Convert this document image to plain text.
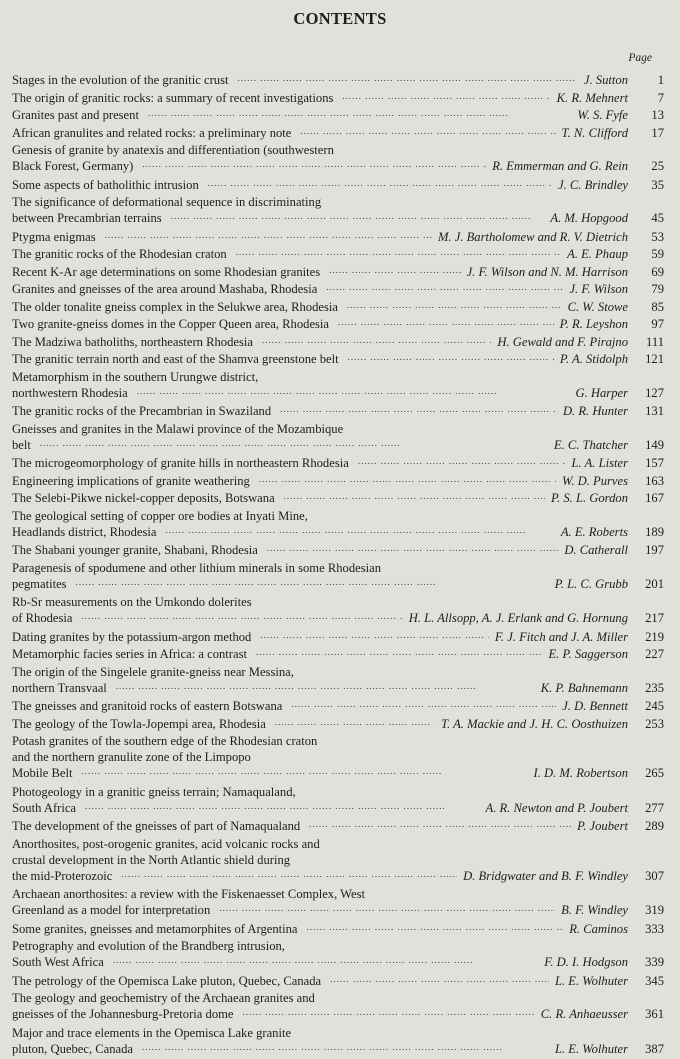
CONTENTS
Page
Stages in the evolution of the granitic crust .....	J. Sutton	1
The origin of granitic rocks: a summary of recent investigations .....	K. R. Mehnert	7
Granites past and present .....	W. S. Fyfe	13
African granulites and related rocks: a preliminary note .....	T. N. Clifford	17
Genesis of granite by anatexis and differentiation (southwestern
Black Forest, Germany) .....	R. Emmerman and G. Rein	25
Some aspects of batholithic intrusion .....	J. C. Brindley	35
The significance of deformational sequence in discriminating
between Precambrian terrains .....	A. M. Hopgood	45
Ptygma enigmas .....	M. J. Bartholomew and R. V. Dietrich	53
The granitic rocks of the Rhodesian craton .....	A. E. Phaup	59
Recent K-Ar age determinations on some Rhodesian granites .....	J. F. Wilson and N. M. Harrison	69
Granites and gneisses of the area around Mashaba, Rhodesia .....	J. F. Wilson	79
The older tonalite gneiss complex in the Selukwe area, Rhodesia .....	C. W. Stowe	85
Two granite-gneiss domes in the Copper Queen area, Rhodesia .....	P. R. Leyshon	97
The Madziwa batholiths, northeastern Rhodesia .....	H. Gewald and F. Pirajno	111
The granitic terrain north and east of the Shamva greenstone belt .....	P. A. Stidolph	121
Metamorphism in the southern Urungwe district,
northwestern Rhodesia .....	G. Harper	127
The granitic rocks of the Precambrian in Swaziland .....	D. R. Hunter	131
Gneisses and granites in the Malawi province of the Mozambique
belt .....	E. C. Thatcher	149
The microgeomorphology of granite hills in northeastern Rhodesia .....	L. A. Lister	157
Engineering implications of granite weathering .....	W. D. Purves	163
The Selebi-Pikwe nickel-copper deposits, Botswana .....	P. S. L. Gordon	167
The geological setting of copper ore bodies at Inyati Mine,
Headlands district, Rhodesia .....	A. E. Roberts	189
The Shabani younger granite, Shabani, Rhodesia .....	D. Catherall	197
Paragenesis of spodumene and other lithium minerals in some Rhodesian
pegmatites .....	P. L. C. Grubb	201
Rb-Sr measurements on the Umkondo dolerites
of Rhodesia .....	H. L. Allsopp, A. J. Erlank and G. Hornung	217
Dating granites by the potassium-argon method .....	F. J. Fitch and J. A. Miller	219
Metamorphic facies series in Africa: a contrast .....	E. P. Saggerson	227
The origin of the Singelele granite-gneiss near Messina,
northern Transvaal .....	K. P. Bahnemann	235
The gneisses and granitoid rocks of eastern Botswana .....	J. D. Bennett	245
The geology of the Towla-Jopempi area, Rhodesia .....	T. A. Mackie and J. H. C. Oosthuizen	253
Potash granites of the southern edge of the Rhodesian craton
and the northern granulite zone of the Limpopo
Mobile Belt .....	I. D. M. Robertson	265
Photogeology in a granitic gneiss terrain; Namaqualand,
South Africa .....	A. R. Newton and P. Joubert	277
The development of the gneisses of part of Namaqualand .....	P. Joubert	289
Anorthosites, post-orogenic granites, acid volcanic rocks and
crustal development in the North Atlantic shield during
the mid-Proterozoic .....	D. Bridgwater and B. F. Windley	307
Archaean anorthosites: a review with the Fiskenaesset Complex, West
Greenland as a model for interpretation .....	B. F. Windley	319
Some granites, gneisses and metamorphites of Argentina .....	R. Caminos	333
Petrography and evolution of the Brandberg intrusion,
South West Africa .....	F. D. I. Hodgson	339
The petrology of the Opemisca Lake pluton, Quebec, Canada .....	L. E. Wolhuter	345
The geology and geochemistry of the Archaean granites and
gneisses of the Johannesburg-Pretoria dome .....	C. R. Anhaeusser	361
Major and trace elements in the Opemisca Lake granite
pluton, Quebec, Canada .....	L. E. Wolhuter	387
